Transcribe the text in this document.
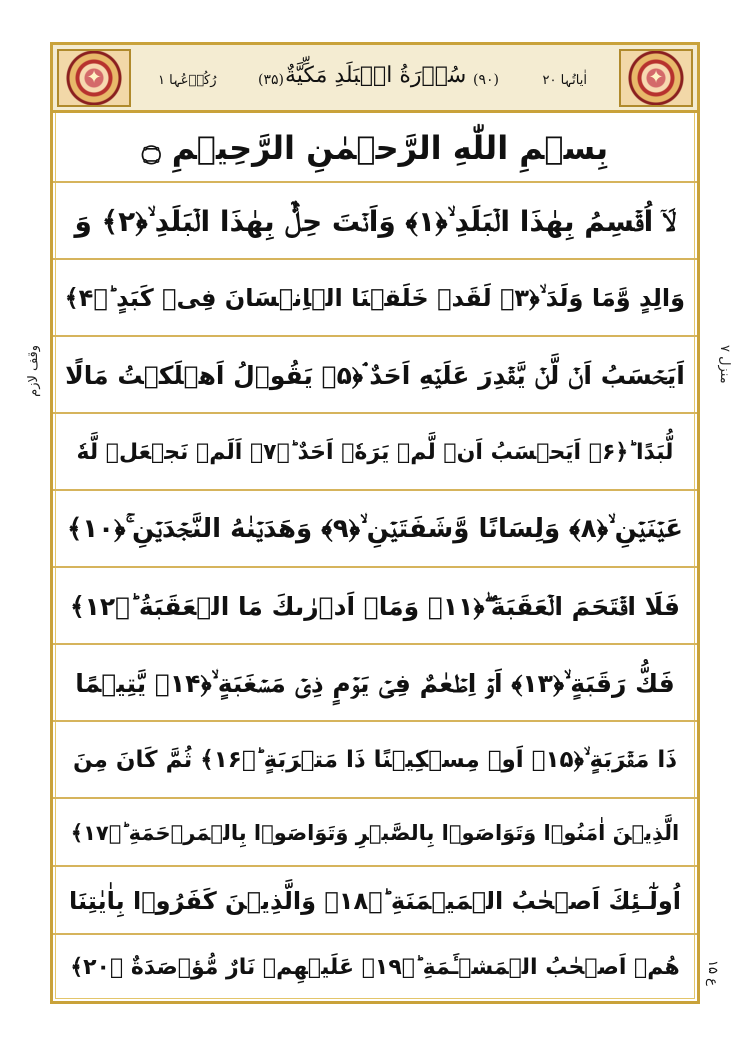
✦	✦
اٰیاتُہا ۲۰
(۹۰)
سُوۡرَةُ الۡبَلَدِ مَكِّيَّةٌ
(۳۵)
رُکُوۡعُہا ۱
بِسۡمِ اللّٰهِ الرَّحۡمٰنِ الرَّحِيۡمِ ۝
لَاۤ اُقۡسِمُ بِهٰذَا الۡبَلَدِ ۙ﴿۱﴾ وَاَنۡتَ حِلٌّۢ بِهٰذَا الۡبَلَدِ ۙ﴿۲﴾ وَ
وَالِدٍ وَّمَا وَلَدَ ۙ﴿۳﴾ لَقَدۡ خَلَقۡنَا الۡاِنۡسَانَ فِىۡ كَبَدٍ ؕ﴿۴﴾
اَيَحۡسَبُ اَنۡ لَّنۡ يَّقۡدِرَ عَلَيۡهِ اَحَدٌ ۘ﴿۵﴾ يَقُوۡلُ اَهۡلَكۡتُ مَالًا
لُّبَدًا ؕ﴿۶﴾ اَيَحۡسَبُ اَنۡ لَّمۡ يَرَهٗۤ اَحَدٌ ؕ﴿۷﴾ اَلَمۡ نَجۡعَلۡ لَّهٗ
عَيۡنَيۡنِ ۙ﴿۸﴾ وَلِسَانًا وَّشَفَتَيۡنِ ۙ﴿۹﴾ وَهَدَيۡنٰهُ النَّجۡدَيۡنِ ۚ﴿۱۰﴾
فَلَا اقۡتَحَمَ الۡعَقَبَةَ ۖ﴿۱۱﴾ وَمَاۤ اَدۡرٰٮكَ مَا الۡعَقَبَةُ ؕ﴿۱۲﴾
فَكُّ رَقَبَةٍ ۙ﴿۱۳﴾ اَوۡ اِطۡعٰمٌ فِىۡ يَوۡمٍ ذِىۡ مَسۡغَبَةٍ ۙ﴿۱۴﴾ يَّتِيۡمًا
ذَا مَقۡرَبَةٍ ۙ﴿۱۵﴾ اَوۡ مِسۡكِيۡنًا ذَا مَتۡرَبَةٍ ؕ﴿۱۶﴾ ثُمَّ كَانَ مِنَ
الَّذِيۡنَ اٰمَنُوۡا وَتَوَاصَوۡا بِالصَّبۡرِ وَتَوَاصَوۡا بِالۡمَرۡحَمَةِ ؕ﴿۱۷﴾
اُولٰٓـئِكَ اَصۡحٰبُ الۡمَيۡمَنَةِ ؕ﴿۱۸﴾ وَالَّذِيۡنَ كَفَرُوۡا بِاٰيٰتِنَا
هُمۡ اَصۡحٰبُ الۡمَشۡـَٔمَةِ ؕ﴿۱۹﴾ عَلَيۡهِمۡ نَارٌ مُّؤۡصَدَةٌ ﴿۲۰﴾
وقف لازم	منزل ۷
ع ۱۵
